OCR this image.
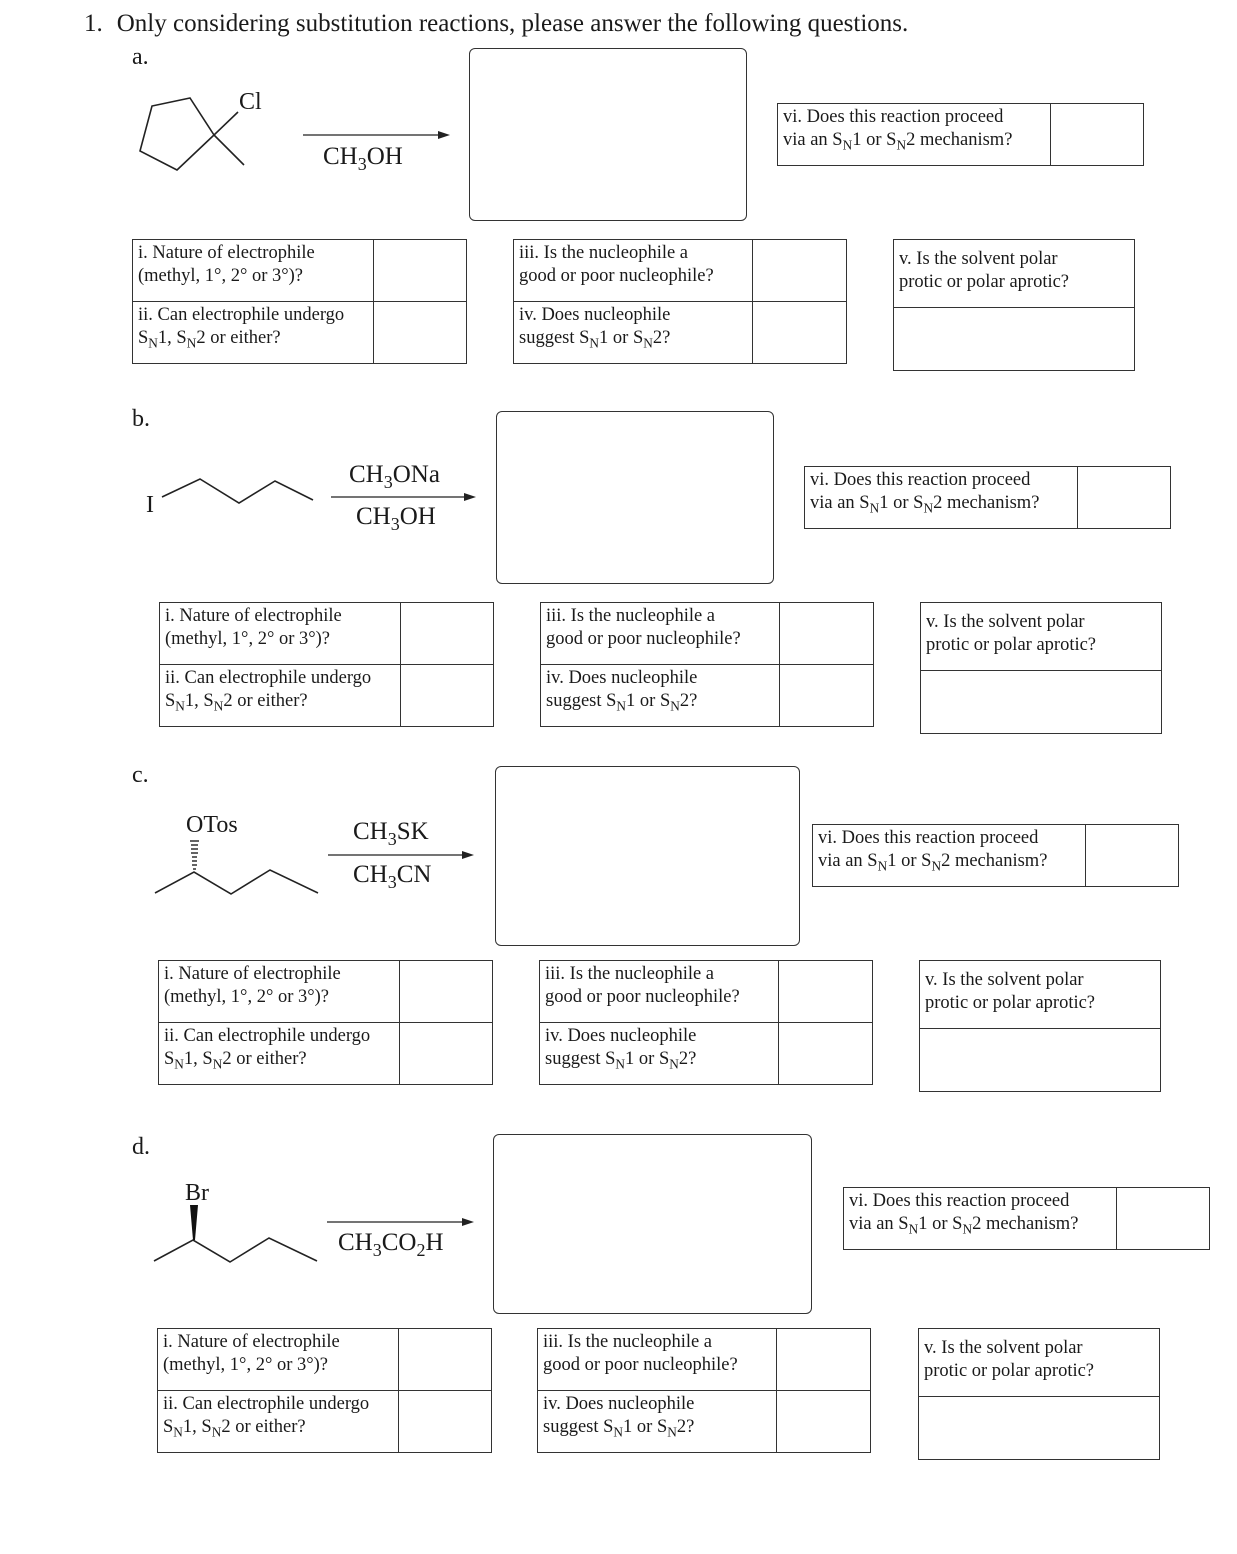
1. Only considering substitution reactions, please answer the following questions.
a.
Cl
$CH_3OH$
vi. Does this reaction proceed
via an $S_N1$ or $S_N2$ mechanism?	
i. Nature of electrophile
(methyl, 1°, 2° or 3°)?	
ii. Can electrophile undergo
$S_N1$, $S_N2$ or either?	
iii. Is the nucleophile a
good or poor nucleophile?	
iv. Does nucleophile
suggest $S_N1$ or $S_N2$?	
v. Is the solvent polar
protic or polar aprotic?

b.
I
$CH_3ONa$
$CH_3OH$
vi. Does this reaction proceed
via an $S_N1$ or $S_N2$ mechanism?	
i. Nature of electrophile
(methyl, 1°, 2° or 3°)?	
ii. Can electrophile undergo
$S_N1$, $S_N2$ or either?	
iii. Is the nucleophile a
good or poor nucleophile?	
iv. Does nucleophile
suggest $S_N1$ or $S_N2$?	
v. Is the solvent polar
protic or polar aprotic?

c.
OTos	$CH_3SK$
$CH_3CN$
vi. Does this reaction proceed
via an $S_N1$ or $S_N2$ mechanism?	
i. Nature of electrophile
(methyl, 1°, 2° or 3°)?	
ii. Can electrophile undergo
$S_N1$, $S_N2$ or either?	
iii. Is the nucleophile a
good or poor nucleophile?	
iv. Does nucleophile
suggest $S_N1$ or $S_N2$?	
v. Is the solvent polar
protic or polar aprotic?

d.
Br
$CH_3CO_2H$
vi. Does this reaction proceed
via an $S_N1$ or $S_N2$ mechanism?	
i. Nature of electrophile
(methyl, 1°, 2° or 3°)?	
ii. Can electrophile undergo
$S_N1$, $S_N2$ or either?	
iii. Is the nucleophile a
good or poor nucleophile?	
iv. Does nucleophile
suggest $S_N1$ or $S_N2$?	
v. Is the solvent polar
protic or polar aprotic?
